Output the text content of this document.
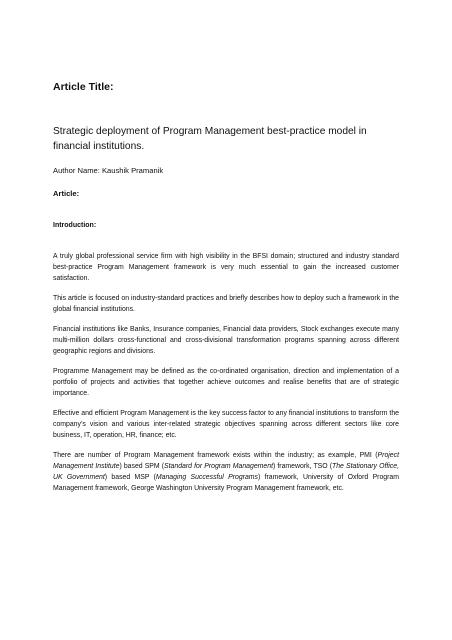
Article Title:
Strategic deployment of Program Management best-practice model in financial institutions.
Author Name: Kaushik Pramanik
Article:
Introduction:

A truly global professional service firm with high visibility in the BFSI domain; structured and industry standard best-practice Program Management framework is very much essential to gain the increased customer satisfaction.

This article is focused on industry-standard practices and briefly describes how to deploy such a framework in the global financial institutions.

Financial institutions like Banks, Insurance companies, Financial data providers, Stock exchanges execute many multi-million dollars cross-functional and cross-divisional transformation programs spanning across different geographic regions and divisions.

Programme Management may be defined as the co-ordinated organisation, direction and implementation of a portfolio of projects and activities that together achieve outcomes and realise benefits that are of strategic importance.

Effective and efficient Program Management is the key success factor to any financial institutions to transform the company’s vision and various inter-related strategic objectives spanning across different sectors like core business, IT, operation, HR, finance; etc.

There are number of Program Management framework exists within the industry; as example, PMI (Project Management Institute) based SPM (Standard for Program Management) framework, TSO (The Stationary Office, UK Government) based MSP (Managing Successful Programs) framework, University of Oxford Program Management framework, George Washington University Program Management framework, etc.
